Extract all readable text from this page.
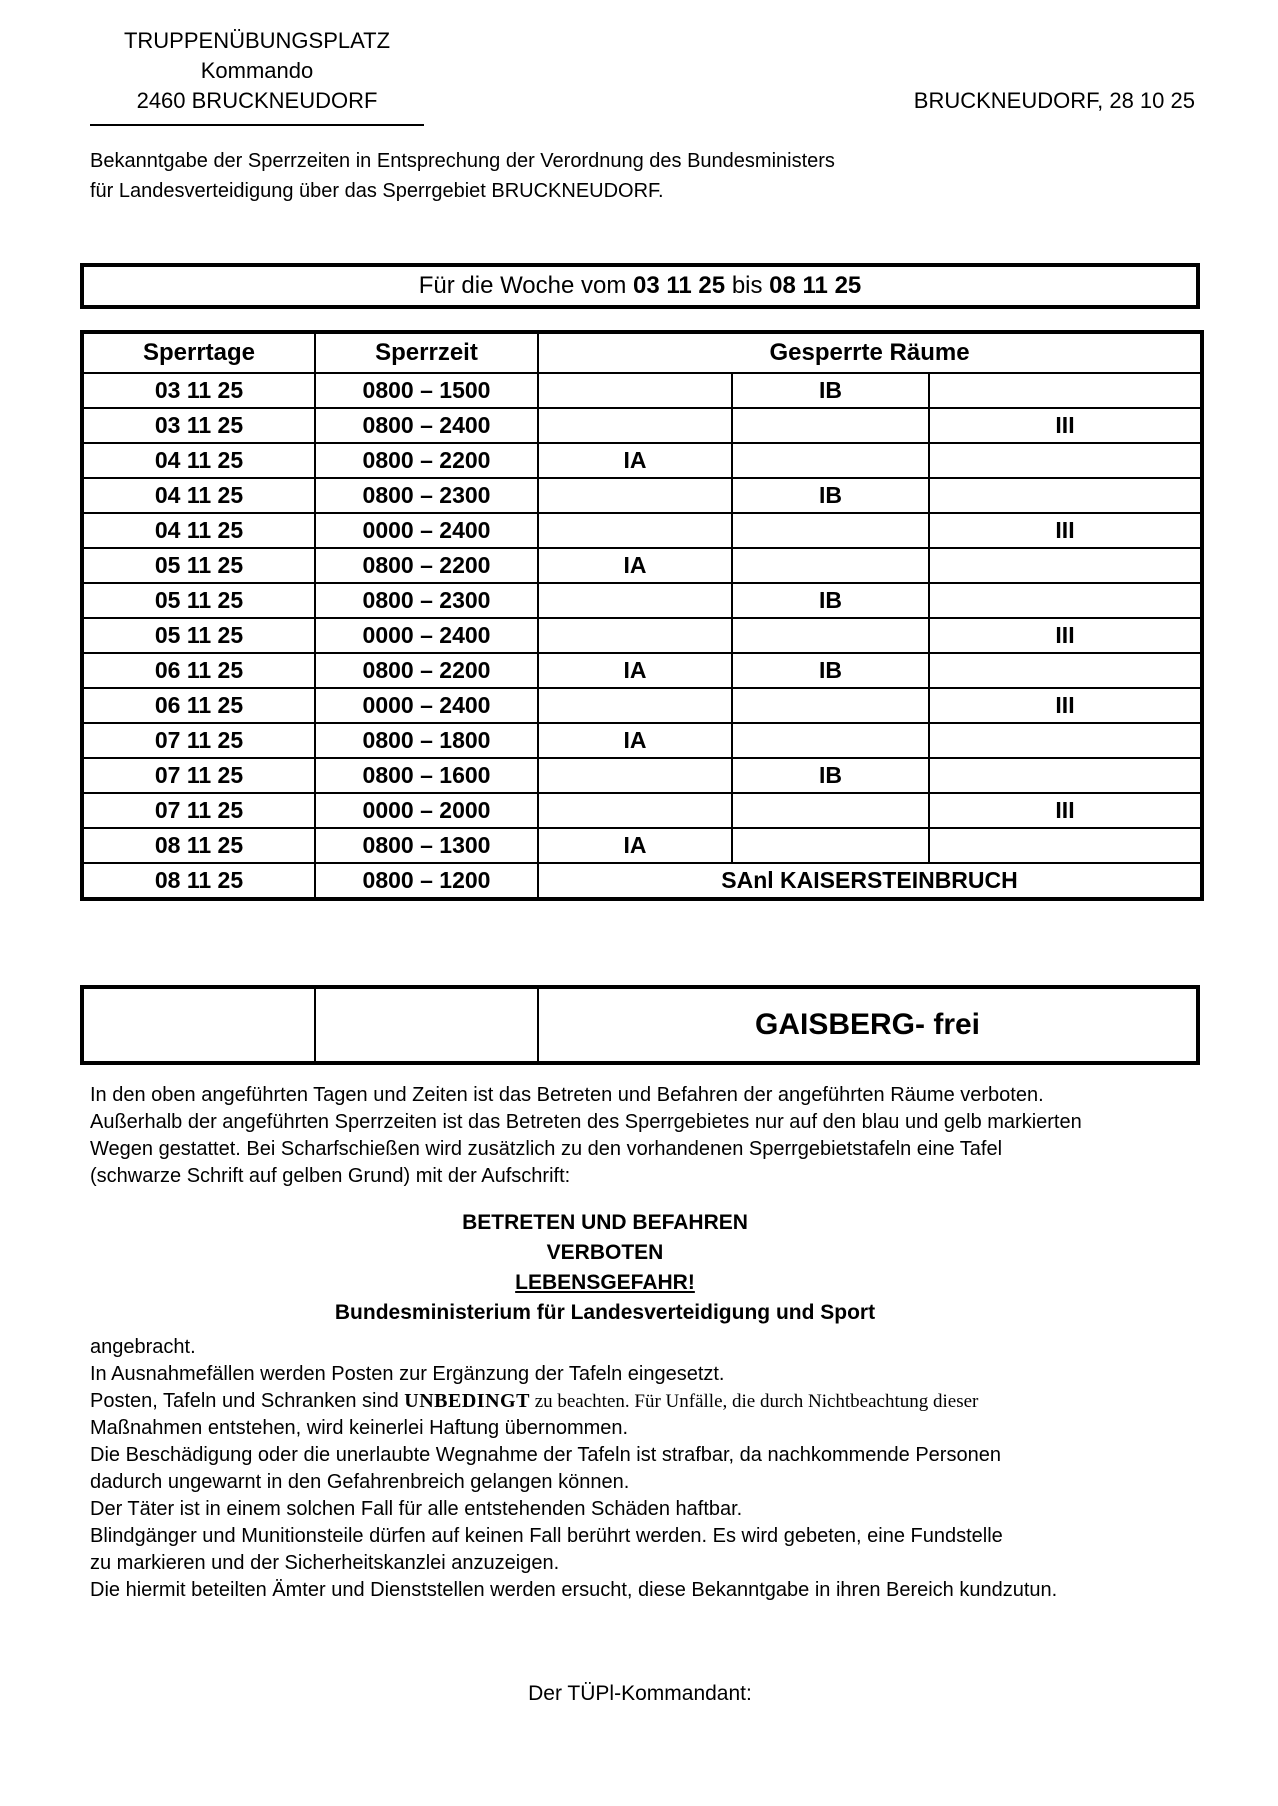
TRUPPENÜBUNGSPLATZ
Kommando
2460 BRUCKNEUDORF	BRUCKNEUDORF, 28 10 25
Bekanntgabe der Sperrzeiten in Entsprechung der Verordnung des Bundesministers
für Landesverteidigung über das Sperrgebiet BRUCKNEUDORF.
Für die Woche vom 03 11 25 bis 08 11 25
Sperrtage	Sperrzeit	Gesperrte Räume		
03 11 25	0800 – 1500		IB	
03 11 25	0800 – 2400			III
04 11 25	0800 – 2200	IA		
04 11 25	0800 – 2300		IB	
04 11 25	0000 – 2400			III
05 11 25	0800 – 2200	IA		
05 11 25	0800 – 2300		IB	
05 11 25	0000 – 2400			III
06 11 25	0800 – 2200	IA	IB	
06 11 25	0000 – 2400			III
07 11 25	0800 – 1800	IA		
07 11 25	0800 – 1600		IB	
07 11 25	0000 – 2000			III
08 11 25	0800 – 1300	IA		
08 11 25	0800 – 1200	SAnl KAISERSTEINBRUCH		
		GAISBERG- frei
In den oben angeführten Tagen und Zeiten ist das Betreten und Befahren der angeführten Räume verboten.
Außerhalb der angeführten Sperrzeiten ist das Betreten des Sperrgebietes nur auf den blau und gelb markierten
Wegen gestattet. Bei Scharfschießen wird zusätzlich zu den vorhandenen Sperrgebietstafeln eine Tafel
(schwarze Schrift auf gelben Grund) mit der Aufschrift:
BETRETEN UND BEFAHREN
VERBOTEN
LEBENSGEFAHR!
Bundesministerium für Landesverteidigung und Sport
angebracht.
In Ausnahmefällen werden Posten zur Ergänzung der Tafeln eingesetzt.
Posten, Tafeln und Schranken sind UNBEDINGT zu beachten. Für Unfälle, die durch Nichtbeachtung dieser
Maßnahmen entstehen, wird keinerlei Haftung übernommen.
Die Beschädigung oder die unerlaubte Wegnahme der Tafeln ist strafbar, da nachkommende Personen
dadurch ungewarnt in den Gefahrenbreich gelangen können.
Der Täter ist in einem solchen Fall für alle entstehenden Schäden haftbar.
Blindgänger und Munitionsteile dürfen auf keinen Fall berührt werden. Es wird gebeten, eine Fundstelle
zu markieren und der Sicherheitskanzlei anzuzeigen.
Die hiermit beteilten Ämter und Dienststellen werden ersucht, diese Bekanntgabe in ihren Bereich kundzutun.
Der TÜPl-Kommandant:
